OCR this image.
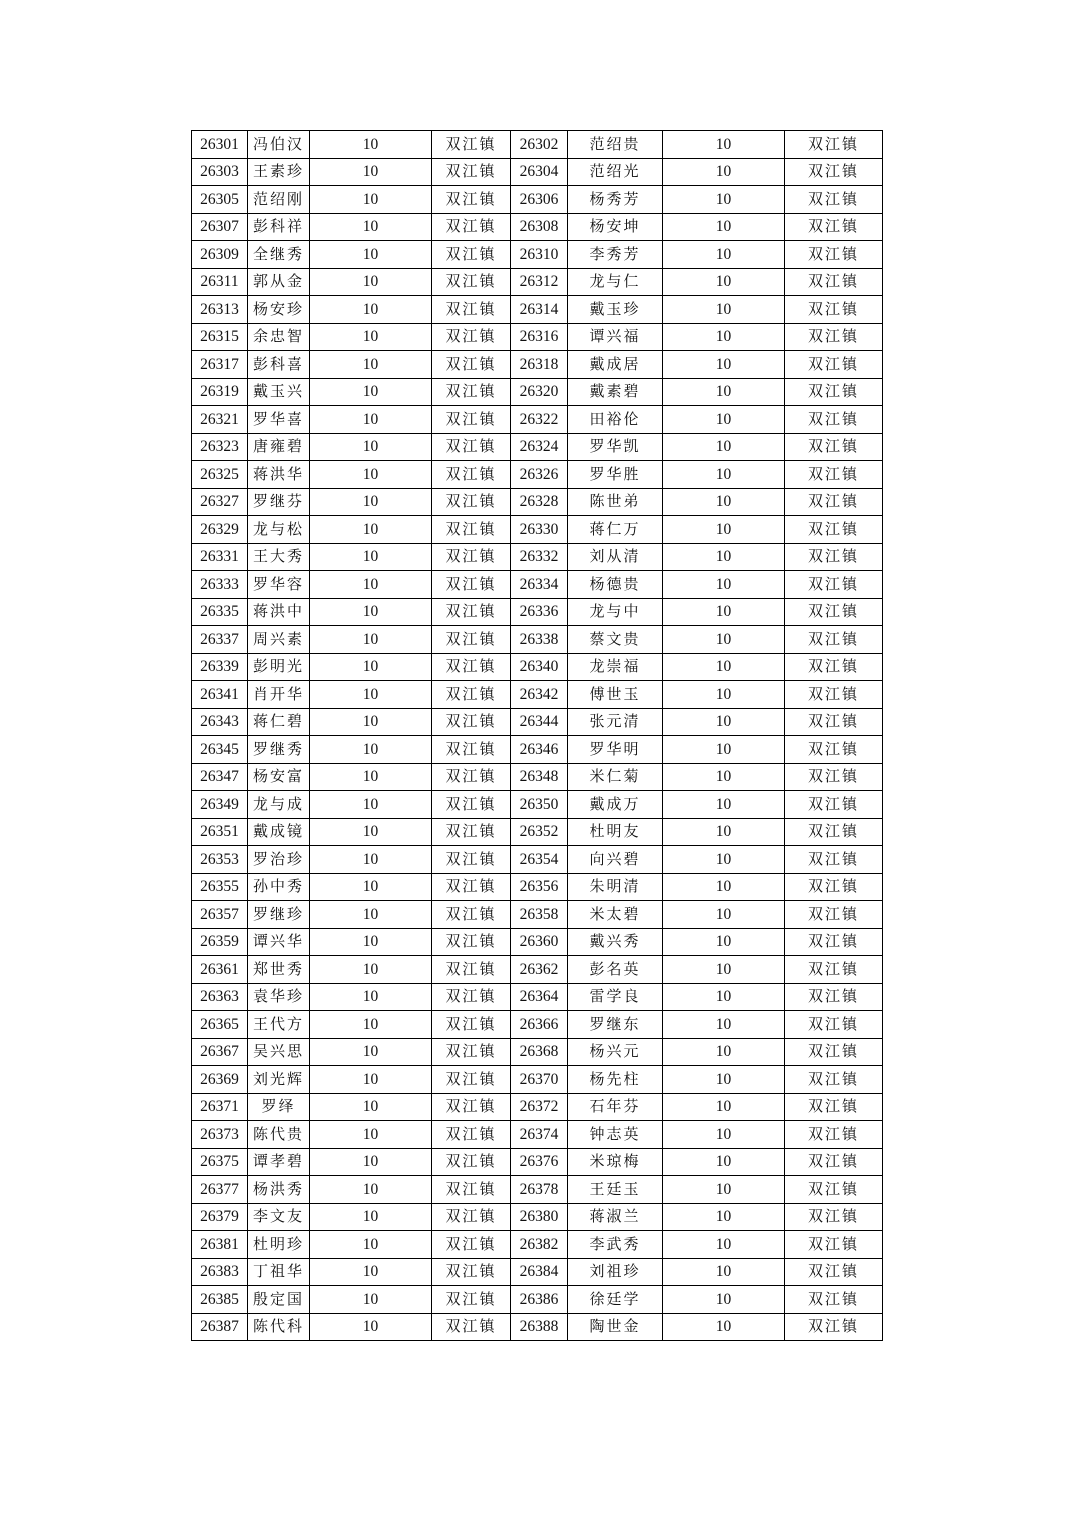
26301	冯伯汉	10	双江镇	26302	范绍贵	10	双江镇
26303	王素珍	10	双江镇	26304	范绍光	10	双江镇
26305	范绍刚	10	双江镇	26306	杨秀芳	10	双江镇
26307	彭科祥	10	双江镇	26308	杨安坤	10	双江镇
26309	全继秀	10	双江镇	26310	李秀芳	10	双江镇
26311	郭从金	10	双江镇	26312	龙与仁	10	双江镇
26313	杨安珍	10	双江镇	26314	戴玉珍	10	双江镇
26315	余忠智	10	双江镇	26316	谭兴福	10	双江镇
26317	彭科喜	10	双江镇	26318	戴成居	10	双江镇
26319	戴玉兴	10	双江镇	26320	戴素碧	10	双江镇
26321	罗华喜	10	双江镇	26322	田裕伦	10	双江镇
26323	唐雍碧	10	双江镇	26324	罗华凯	10	双江镇
26325	蒋洪华	10	双江镇	26326	罗华胜	10	双江镇
26327	罗继芬	10	双江镇	26328	陈世弟	10	双江镇
26329	龙与松	10	双江镇	26330	蒋仁万	10	双江镇
26331	王大秀	10	双江镇	26332	刘从清	10	双江镇
26333	罗华容	10	双江镇	26334	杨德贵	10	双江镇
26335	蒋洪中	10	双江镇	26336	龙与中	10	双江镇
26337	周兴素	10	双江镇	26338	蔡文贵	10	双江镇
26339	彭明光	10	双江镇	26340	龙崇福	10	双江镇
26341	肖开华	10	双江镇	26342	傅世玉	10	双江镇
26343	蒋仁碧	10	双江镇	26344	张元清	10	双江镇
26345	罗继秀	10	双江镇	26346	罗华明	10	双江镇
26347	杨安富	10	双江镇	26348	米仁菊	10	双江镇
26349	龙与成	10	双江镇	26350	戴成万	10	双江镇
26351	戴成镜	10	双江镇	26352	杜明友	10	双江镇
26353	罗治珍	10	双江镇	26354	向兴碧	10	双江镇
26355	孙中秀	10	双江镇	26356	朱明清	10	双江镇
26357	罗继珍	10	双江镇	26358	米太碧	10	双江镇
26359	谭兴华	10	双江镇	26360	戴兴秀	10	双江镇
26361	郑世秀	10	双江镇	26362	彭名英	10	双江镇
26363	袁华珍	10	双江镇	26364	雷学良	10	双江镇
26365	王代方	10	双江镇	26366	罗继东	10	双江镇
26367	吴兴思	10	双江镇	26368	杨兴元	10	双江镇
26369	刘光辉	10	双江镇	26370	杨先柱	10	双江镇
26371	罗绎	10	双江镇	26372	石年芬	10	双江镇
26373	陈代贵	10	双江镇	26374	钟志英	10	双江镇
26375	谭孝碧	10	双江镇	26376	米琼梅	10	双江镇
26377	杨洪秀	10	双江镇	26378	王廷玉	10	双江镇
26379	李文友	10	双江镇	26380	蒋淑兰	10	双江镇
26381	杜明珍	10	双江镇	26382	李武秀	10	双江镇
26383	丁祖华	10	双江镇	26384	刘祖珍	10	双江镇
26385	殷定国	10	双江镇	26386	徐廷学	10	双江镇
26387	陈代科	10	双江镇	26388	陶世金	10	双江镇
